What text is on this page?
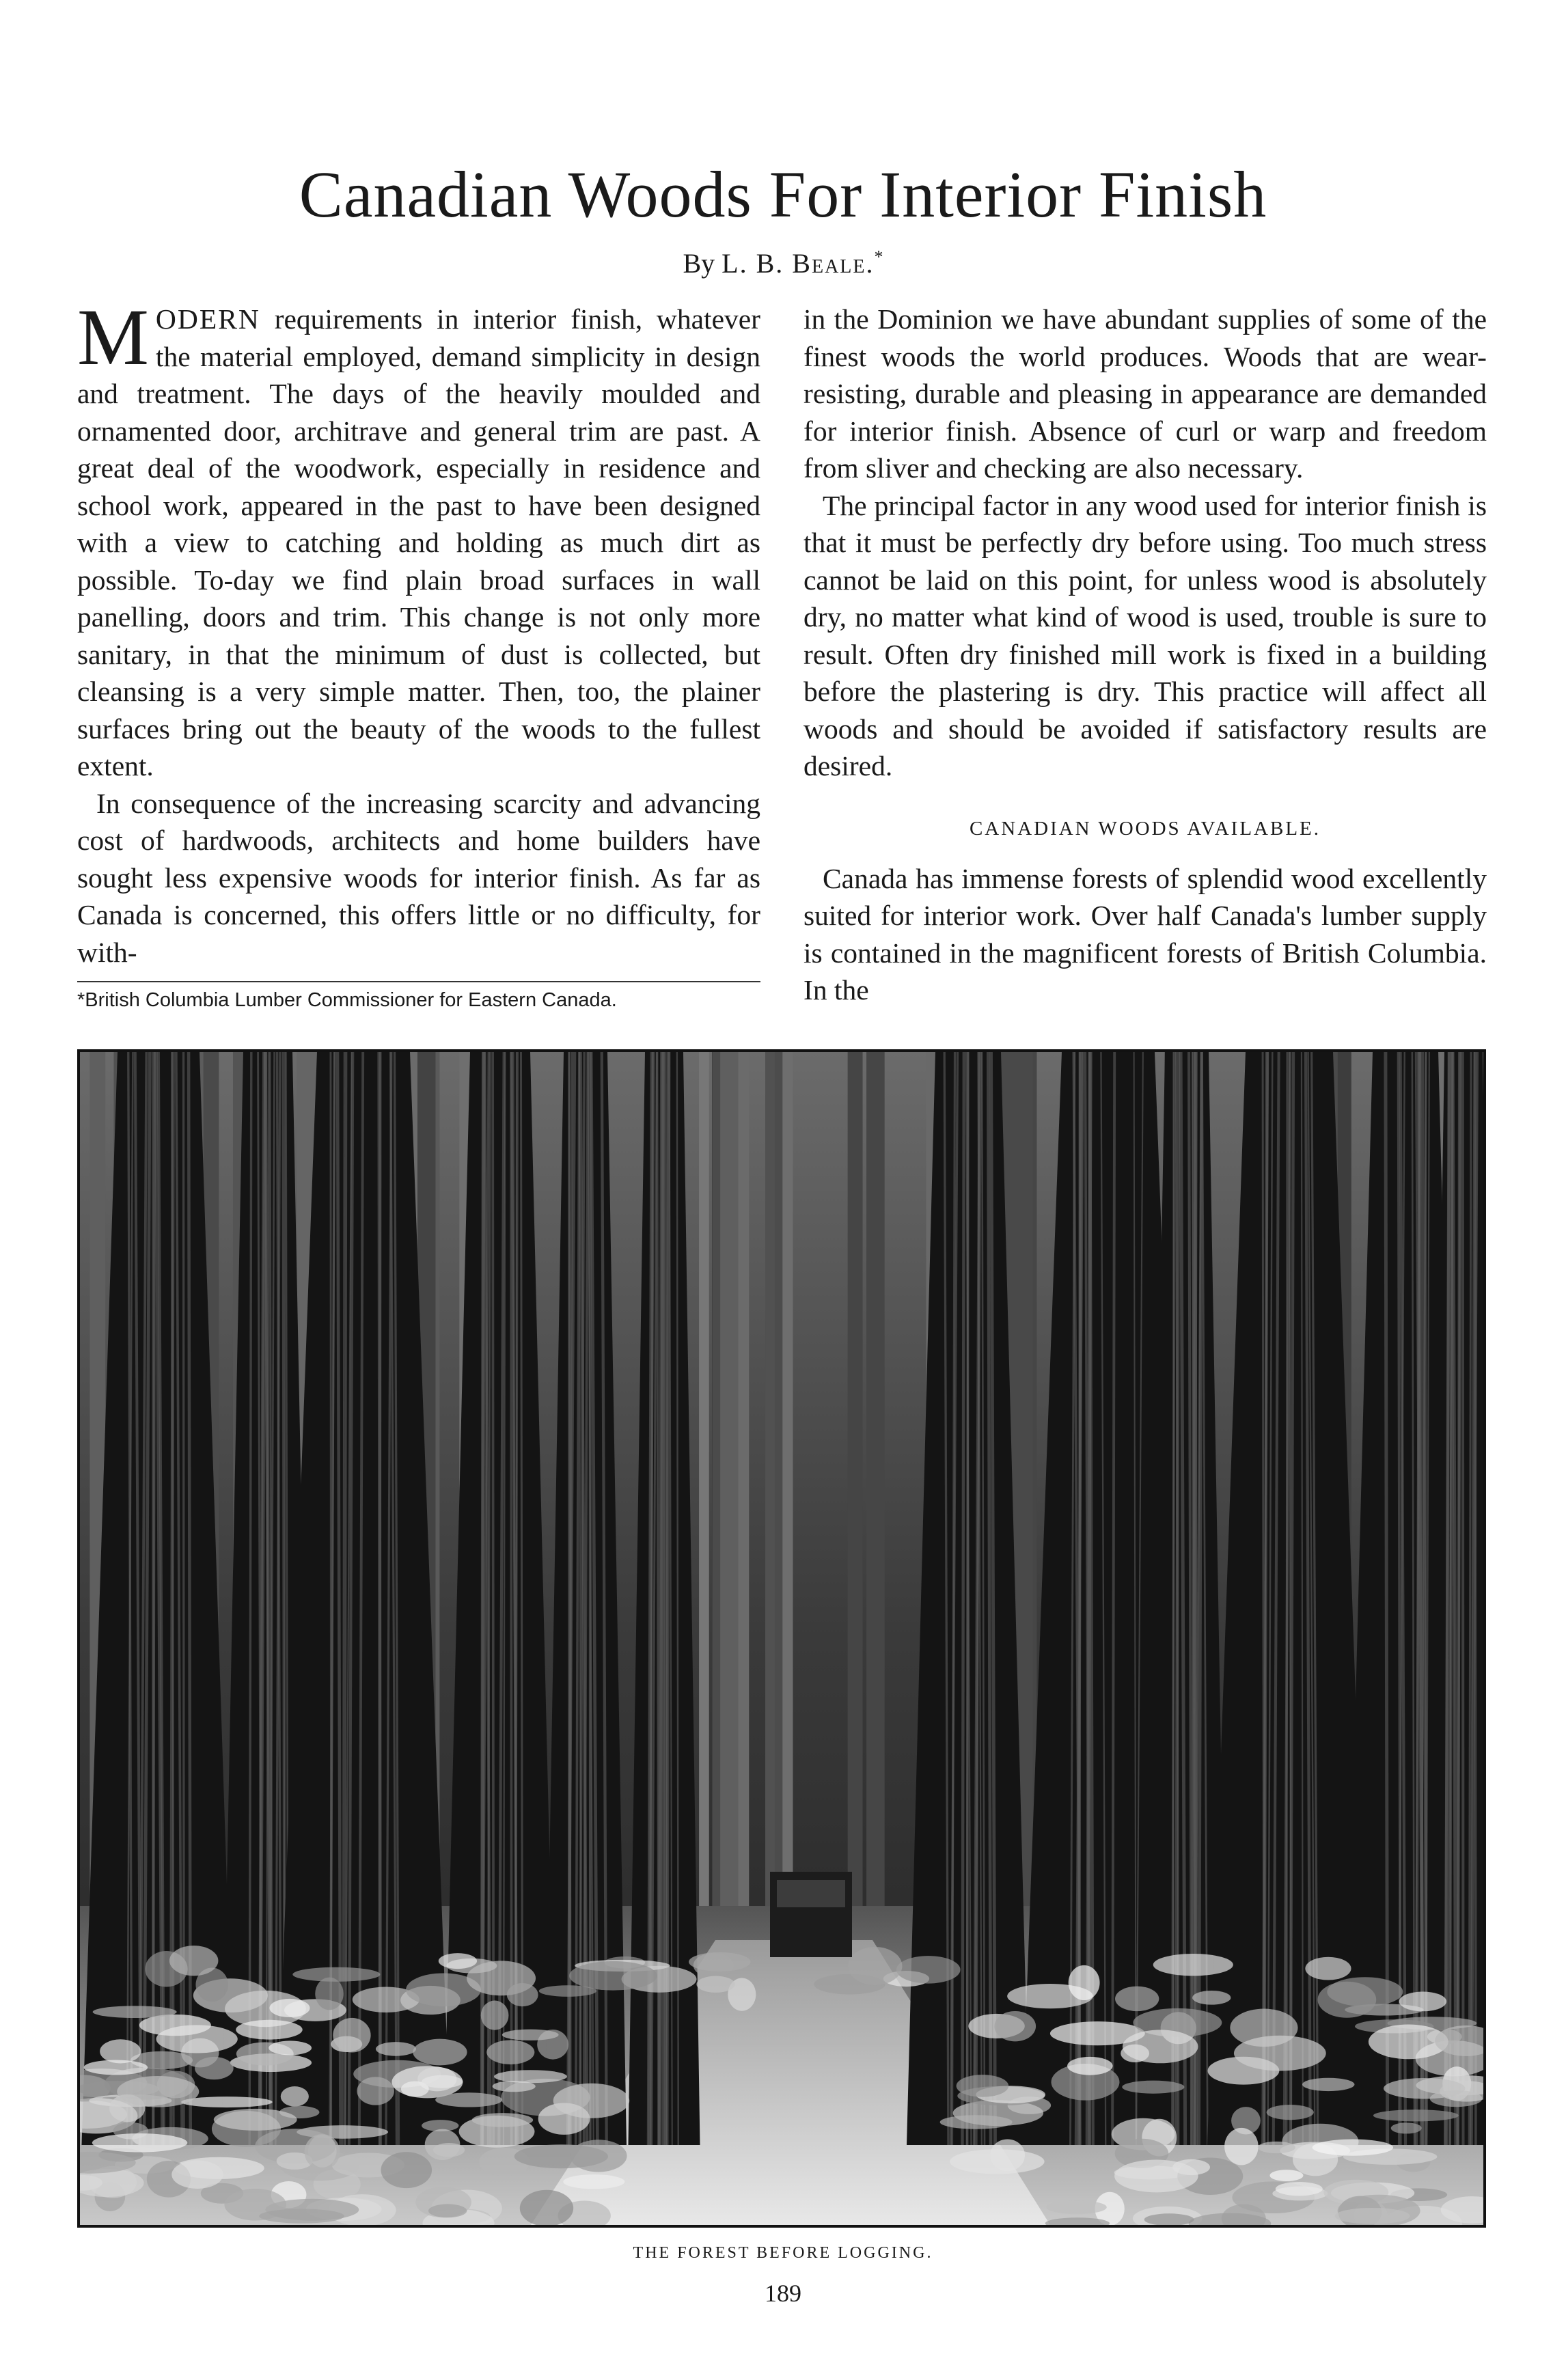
Canadian Woods For Interior Finish
By L. B. Beale.*

MODERN requirements in interior finish, whatever the material employed, demand simplicity in design and treatment. The days of the heavily moulded and ornamented door, architrave and general trim are past. A great deal of the woodwork, especially in residence and school work, appeared in the past to have been designed with a view to catching and holding as much dirt as possible. To-day we find plain broad surfaces in wall panelling, doors and trim. This change is not only more sanitary, in that the minimum of dust is collected, but cleansing is a very simple matter. Then, too, the plainer surfaces bring out the beauty of the woods to the fullest extent.

In consequence of the increasing scarcity and advancing cost of hardwoods, architects and home builders have sought less expensive woods for interior finish. As far as Canada is concerned, this offers little or no difficulty, for with-

*British Columbia Lumber Commissioner for Eastern Canada.

in the Dominion we have abundant supplies of some of the finest woods the world produces. Woods that are wear-resisting, durable and pleasing in appearance are demanded for interior finish. Absence of curl or warp and freedom from sliver and checking are also necessary.

The principal factor in any wood used for interior finish is that it must be perfectly dry before using. Too much stress cannot be laid on this point, for unless wood is absolutely dry, no matter what kind of wood is used, trouble is sure to result. Often dry finished mill work is fixed in a building before the plastering is dry. This practice will affect all woods and should be avoided if satisfactory results are desired.

CANADIAN WOODS AVAILABLE.

Canada has immense forests of splendid wood excellently suited for interior work. Over half Canada's lumber supply is contained in the magnificent forests of British Columbia. In the

THE FOREST BEFORE LOGGING.
189
